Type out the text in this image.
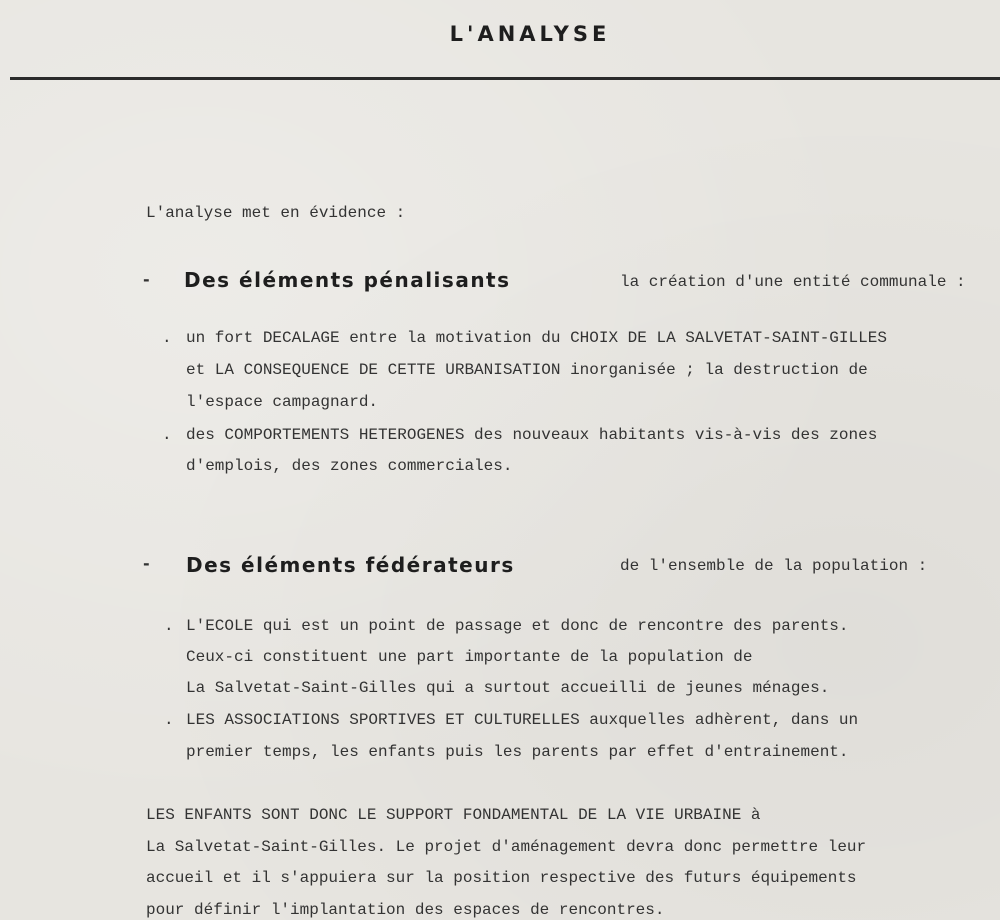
L'ANALYSE
L'analyse met en évidence :
- Des éléments pénalisants	la création d'une entité communale :
. un fort DECALAGE entre la motivation du CHOIX DE LA SALVETAT-SAINT-GILLES
et LA CONSEQUENCE DE CETTE URBANISATION inorganisée ; la destruction de
l'espace campagnard.
. des COMPORTEMENTS HETEROGENES des nouveaux habitants vis-à-vis des zones
d'emplois, des zones commerciales.
- Des éléments fédérateurs	de l'ensemble de la population :
. L'ECOLE qui est un point de passage et donc de rencontre des parents.
Ceux-ci constituent une part importante de la population de
La Salvetat-Saint-Gilles qui a surtout accueilli de jeunes ménages.
. LES ASSOCIATIONS SPORTIVES ET CULTURELLES auxquelles adhèrent, dans un
premier temps, les enfants puis les parents par effet d'entrainement.
LES ENFANTS SONT DONC LE SUPPORT FONDAMENTAL DE LA VIE URBAINE à
La Salvetat-Saint-Gilles. Le projet d'aménagement devra donc permettre leur
accueil et il s'appuiera sur la position respective des futurs équipements
pour définir l'implantation des espaces de rencontres.
